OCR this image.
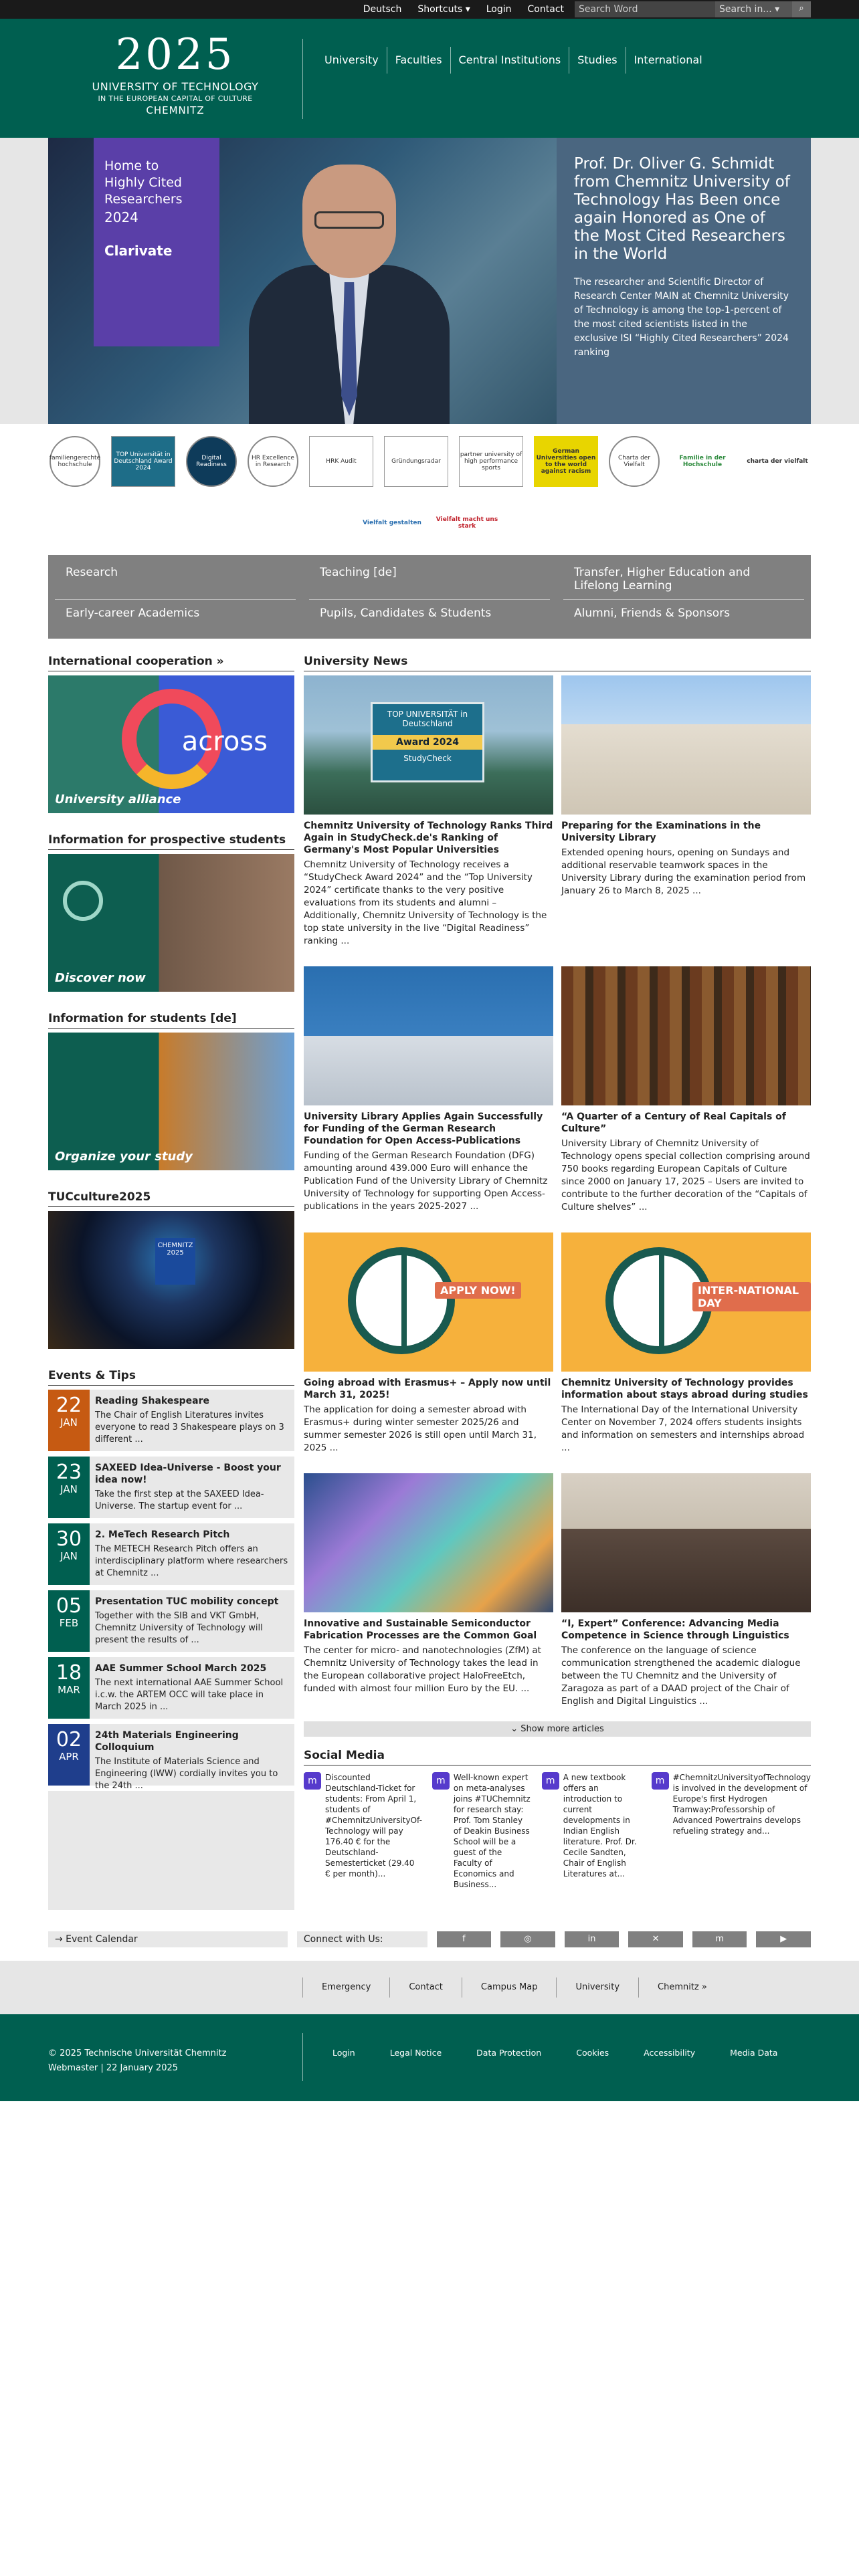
Deutsch	Shortcuts ▾	Login	Contact	Search Word	Search in... ▾	⌕
2025
UNIVERSITY OF TECHNOLOGY
IN THE EUROPEAN CAPITAL OF CULTURE
CHEMNITZ
University	Faculties	Central Institutions	Studies	International
Home to
Highly Cited
Researchers
2024
Clarivate
Prof. Dr. Oliver G. Schmidt from Chemnitz University of Technology Has Been once again Honored as One of the Most Cited Researchers in the World

The researcher and Scientific Director of Research Center MAIN at Chemnitz University of Technology is among the top-1-percent of the most cited scientists listed in the exclusive ISI “Highly Cited Researchers” 2024 ranking

familiengerechte hochschule
TOP Universität in Deutschland Award 2024
Digital Readiness
HR Excellence in Research	HRK Audit	Gründungsradar
partner university of high performance sports
German Universities open to the world against racism
Charta der Vielfalt
Familie in der Hochschule	charta der vielfalt
Vielfalt gestalten	Vielfalt macht uns stark
Research	Teaching [de]	Transfer, Higher Education and Lifelong Learning
Early-career Academics	Pupils, Candidates & Students	Alumni, Friends & Sponsors
International cooperation »
across
University alliance
Information for prospective students
Discover now
Information for students [de]
Organize your study
TUCculture2025
CHEMNITZ 2025
Events & Tips
22
JAN
Reading Shakespeare
The Chair of English Literatures invites everyone to read 3 Shakespeare plays on 3 different ...
23
JAN
SAXEED Idea-Universe - Boost your idea now!
Take the first step at the SAXEED Idea-Universe. The startup event for ...
30
JAN
2. MeTech Research Pitch
The METECH Research Pitch offers an interdisciplinary platform where researchers at Chemnitz ...
05
FEB
Presentation TUC mobility concept
Together with the SIB and VKT GmbH, Chemnitz University of Technology will present the results of ...
18
MAR
AAE Summer School March 2025
The next international AAE Summer School i.c.w. the ARTEM OCC will take place in March 2025 in ...
02
APR
24th Materials Engineering Colloquium
The Institute of Materials Science and Engineering (IWW) cordially invites you to the 24th ...
University News
TOP UNIVERSITÄT in Deutschland
Award 2024
StudyCheck
Chemnitz University of Technology Ranks Third Again in StudyCheck.de's Ranking of Germany's Most Popular Universities

Chemnitz University of Technology receives a “StudyCheck Award 2024” and the “Top University 2024” certificate thanks to the very positive evaluations from its students and alumni – Additionally, Chemnitz University of Technology is the top state university in the live “Digital Readiness” ranking ...

Preparing for the Examinations in the University Library

Extended opening hours, opening on Sundays and additional reservable teamwork spaces in the University Library during the examination period from January 26 to March 8, 2025 ...

University Library Applies Again Successfully for Funding of the German Research Foundation for Open Access-Publications

Funding of the German Research Foundation (DFG) amounting around 439.000 Euro will enhance the Publication Fund of the University Library of Chemnitz University of Technology for supporting Open Access-publications in the years 2025-2027 ...

“A Quarter of a Century of Real Capitals of Culture”

University Library of Chemnitz University of Technology opens special collection comprising around 750 books regarding European Capitals of Culture since 2000 on January 17, 2025 – Users are invited to contribute to the further decoration of the “Capitals of Culture shelves” ...

APPLY NOW!
Going abroad with Erasmus+ – Apply now until March 31, 2025!

The application for doing a semester abroad with Erasmus+ during winter semester 2025/26 and summer semester 2026 is still open until March 31, 2025 ...

INTER-NATIONAL DAY
Chemnitz University of Technology provides information about stays abroad during studies

The International Day of the International University Center on November 7, 2024 offers students insights and information on semesters and internships abroad ...

Innovative and Sustainable Semiconductor Fabrication Processes are the Common Goal

The center for micro- and nanotechnologies (ZfM) at Chemnitz University of Technology takes the lead in the European collaborative project HaloFreeEtch, funded with almost four million Euro by the EU. ...

“I, Expert” Conference: Advancing Media Competence in Science through Linguistics

The conference on the language of science communication strengthened the academic dialogue between the TU Chemnitz and the University of Zaragoza as part of a DAAD project of the Chair of English and Digital Linguistics ...

⌄ Show more articles
Social Media
m	Discounted Deutschland-Ticket for students: From April 1, students of #ChemnitzUniversityOf-Technology will pay 176.40 € for the Deutschland-Semesterticket (29.40 € per month)...
m	Well-known expert on meta-analyses joins #TUChemnitz for research stay: Prof. Tom Stanley of Deakin Business School will be a guest of the Faculty of Economics and Business...
m	A new textbook offers an introduction to current developments in Indian English literature. Prof. Dr. Cecile Sandten, Chair of English Literatures at...
m	#ChemnitzUniversityofTechnology is involved in the development of Europe's first Hydrogen Tramway:Professorship of Advanced Powertrains develops refueling strategy and...
→ Event Calendar	Connect with Us:	f	◎	in	✕	m	▶
Emergency	Contact	Campus Map	University	Chemnitz »
© 2025 Technische Universität Chemnitz
Webmaster | 22 January 2025
Login	Legal Notice	Data Protection	Cookies	Accessibility	Media Data
